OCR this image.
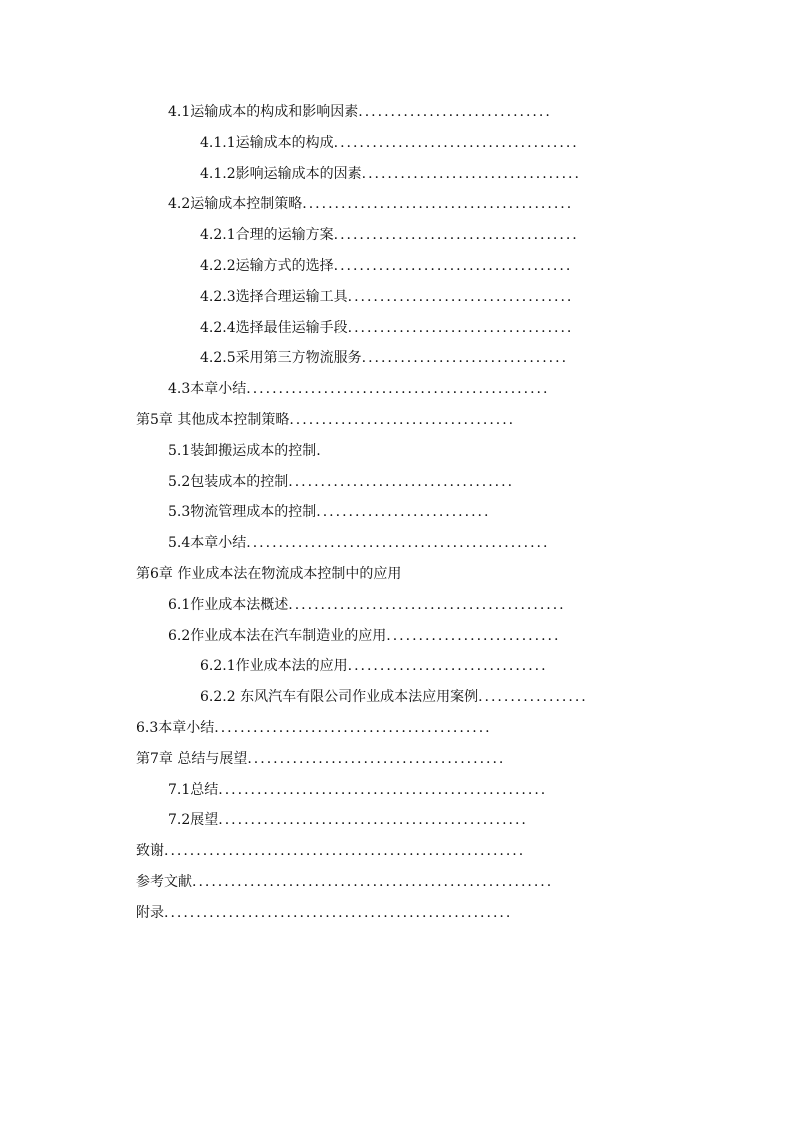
4.1运输成本的构成和影响因素..............................
4.1.1运输成本的构成......................................
4.1.2影响运输成本的因素..................................
4.2运输成本控制策略..........................................
4.2.1合理的运输方案......................................
4.2.2运输方式的选择.....................................
4.2.3选择合理运输工具...................................
4.2.4选择最佳运输手段...................................
4.2.5采用第三方物流服务................................
4.3本章小结...............................................
第5章 其他成本控制策略...................................
5.1装卸搬运成本的控制.
5.2包装成本的控制...................................
5.3物流管理成本的控制...........................
5.4本章小结...............................................
第6章 作业成本法在物流成本控制中的应用
6.1作业成本法概述...........................................
6.2作业成本法在汽车制造业的应用...........................
6.2.1作业成本法的应用...............................
6.2.2 东风汽车有限公司作业成本法应用案例.................
6.3本章小结...........................................
第7章 总结与展望........................................
7.1总结...................................................
7.2展望................................................
致谢........................................................
参考文献........................................................
附录......................................................
